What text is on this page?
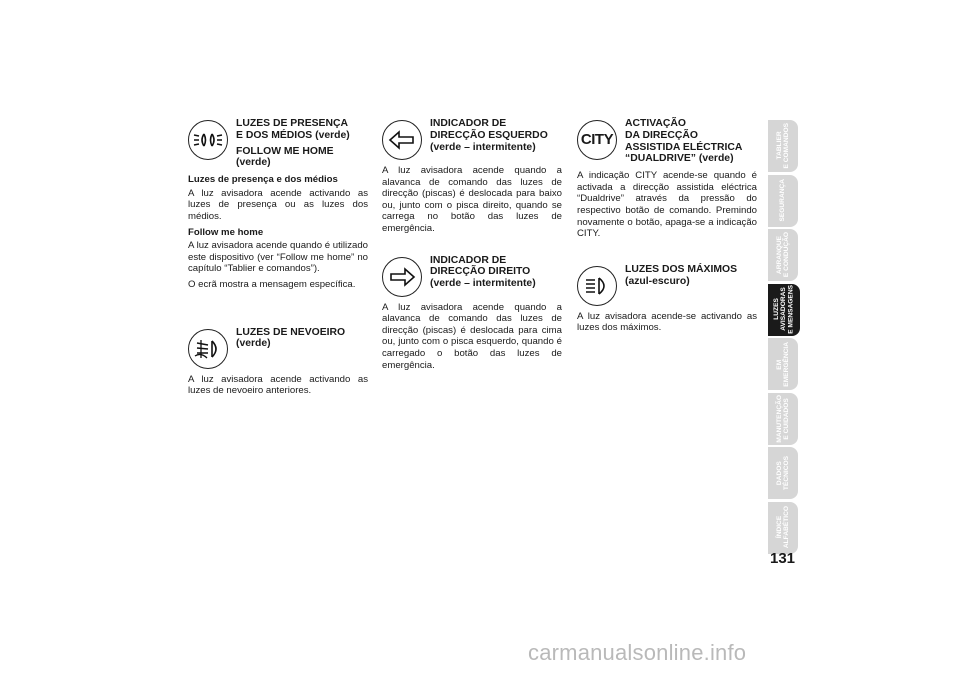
LUZES DE PRESENÇA
E DOS MÉDIOS (verde)
FOLLOW ME HOME
(verde)
Luzes de presença e dos médios

A luz avisadora acende activando as luzes de presença ou as luzes dos médios.

Follow me home

A luz avisadora acende quando é utilizado este dispositivo (ver “Follow me home” no capítulo “Tablier e comandos”).

O ecrã mostra a mensagem específica.

LUZES DE NEVOEIRO
(verde)

A luz avisadora acende activando as luzes de nevoeiro anteriores.

INDICADOR DE
DIRECÇÃO ESQUERDO
(verde – intermitente)

A luz avisadora acende quando a alavanca de comando das luzes de direcção (piscas) é deslocada para baixo ou, junto com o pisca direito, quando se carrega no botão das luzes de emergência.

INDICADOR DE
DIRECÇÃO DIREITO
(verde – intermitente)

A luz avisadora acende quando a alavanca de comando das luzes de direcção (piscas) é deslocada para cima ou, junto com o pisca esquerdo, quando é carregado o botão das luzes de emergência.

CITY
ACTIVAÇÃO
DA DIRECÇÃO
ASSISTIDA ELÉCTRICA
“DUALDRIVE” (verde)

A indicação CITY acende-se quando é activada a direcção assistida eléctrica “Dualdrive” através da pressão do respectivo botão de comando. Premindo novamente o botão, apaga-se a indicação CITY.

LUZES DOS MÁXIMOS
(azul-escuro)

A luz avisadora acende-se activando as luzes dos máximos.

TABLIER
E COMANDOS
SEGURANÇA
ARRANQUE
E CONDUÇÃO
LUZES
AVISADORAS
E MENSAGENS
EM
EMERGÊNCIA
MANUTENÇÃO
E CUIDADOS
DADOS
TÉCNICOS
ÍNDICE
ALFABÉTICO
131
carmanualsonline.info
